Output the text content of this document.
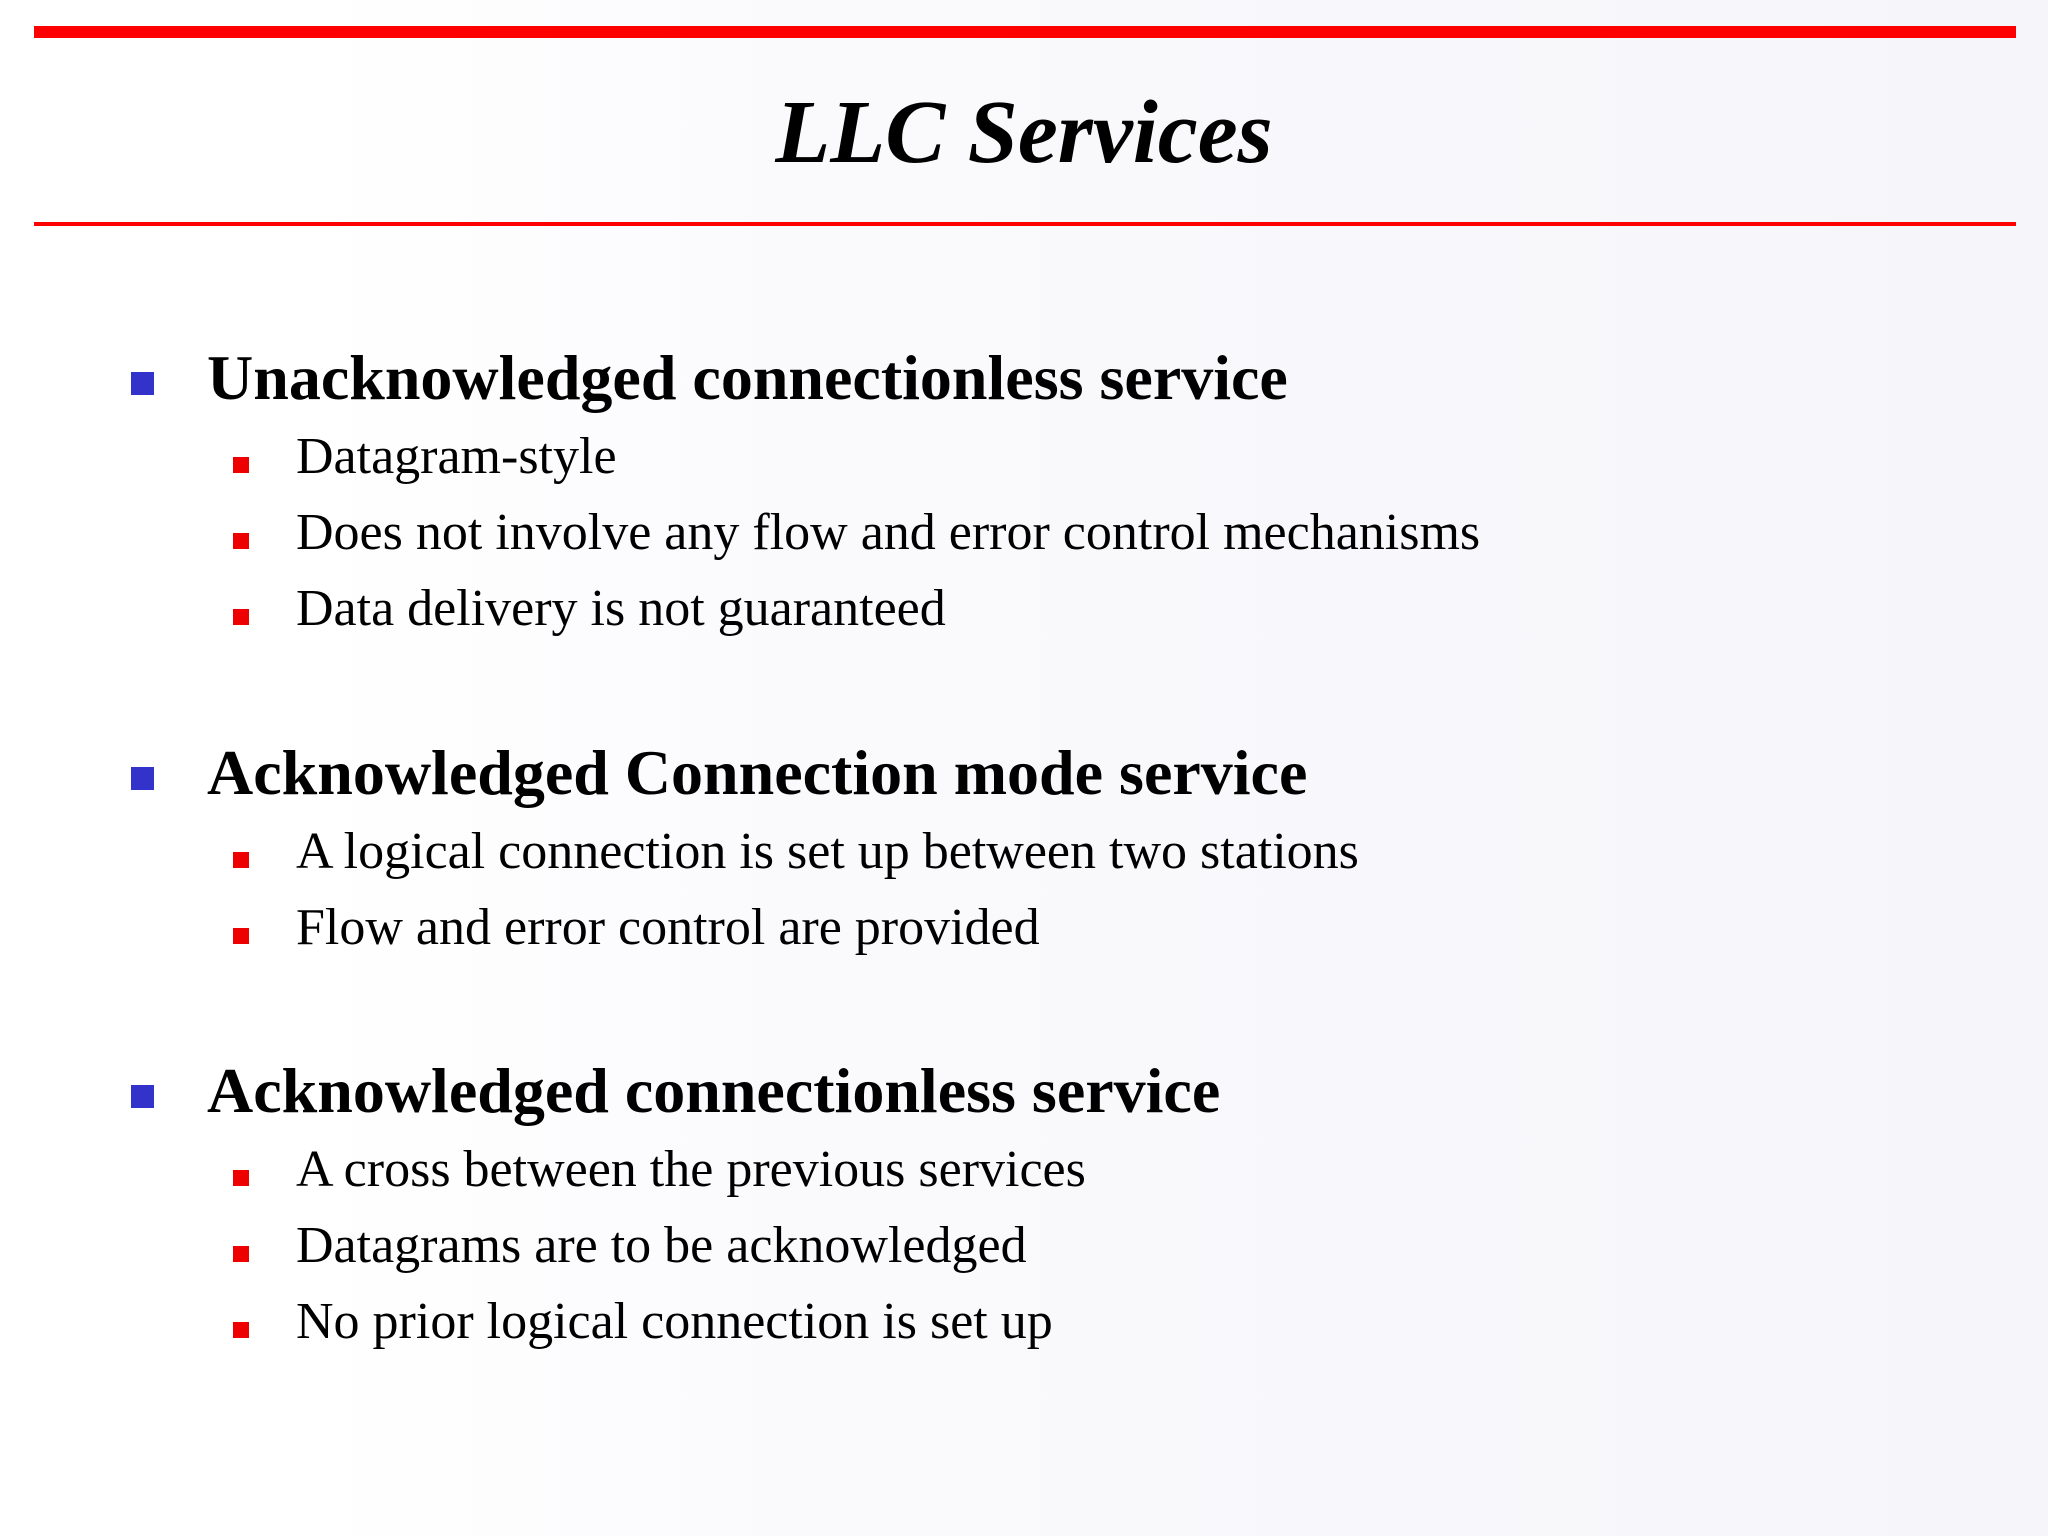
LLC Services
Unacknowledged connectionless service
Datagram-style
Does not involve any flow and error control mechanisms
Data delivery is not guaranteed
Acknowledged Connection mode service
A logical connection is set up between two stations
Flow and error control are provided
Acknowledged connectionless service
A cross between the previous services
Datagrams are to be acknowledged
No prior logical connection is set up
